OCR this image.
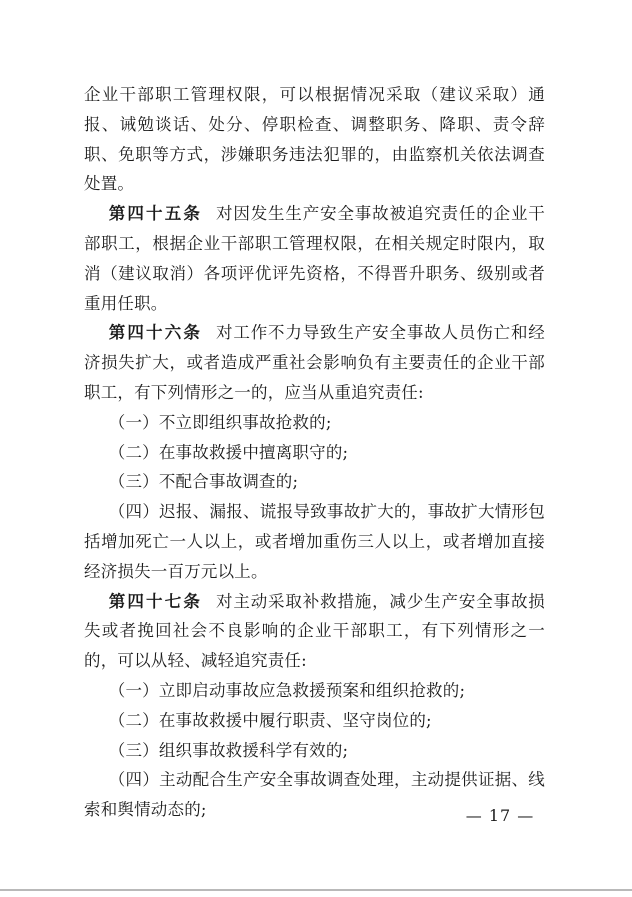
企业干部职工管理权限，可以根据情况采取（建议采取）通报、诫勉谈话、处分、停职检查、调整职务、降职、责令辞职、免职等方式，涉嫌职务违法犯罪的，由监察机关依法调查处置。

第四十五条 对因发生生产安全事故被追究责任的企业干部职工，根据企业干部职工管理权限，在相关规定时限内，取消（建议取消）各项评优评先资格，不得晋升职务、级别或者重用任职。

第四十六条 对工作不力导致生产安全事故人员伤亡和经济损失扩大，或者造成严重社会影响负有主要责任的企业干部职工，有下列情形之一的，应当从重追究责任:

（一）不立即组织事故抢救的;

（二）在事故救援中擅离职守的;

（三）不配合事故调查的;

（四）迟报、漏报、谎报导致事故扩大的，事故扩大情形包括增加死亡一人以上，或者增加重伤三人以上，或者增加直接经济损失一百万元以上。

第四十七条 对主动采取补救措施，减少生产安全事故损失或者挽回社会不良影响的企业干部职工，有下列情形之一的，可以从轻、减轻追究责任:

（一）立即启动事故应急救援预案和组织抢救的;

（二）在事故救援中履行职责、坚守岗位的;

（三）组织事故救援科学有效的;

（四）主动配合生产安全事故调查处理，主动提供证据、线索和舆情动态的;	— 17 —
